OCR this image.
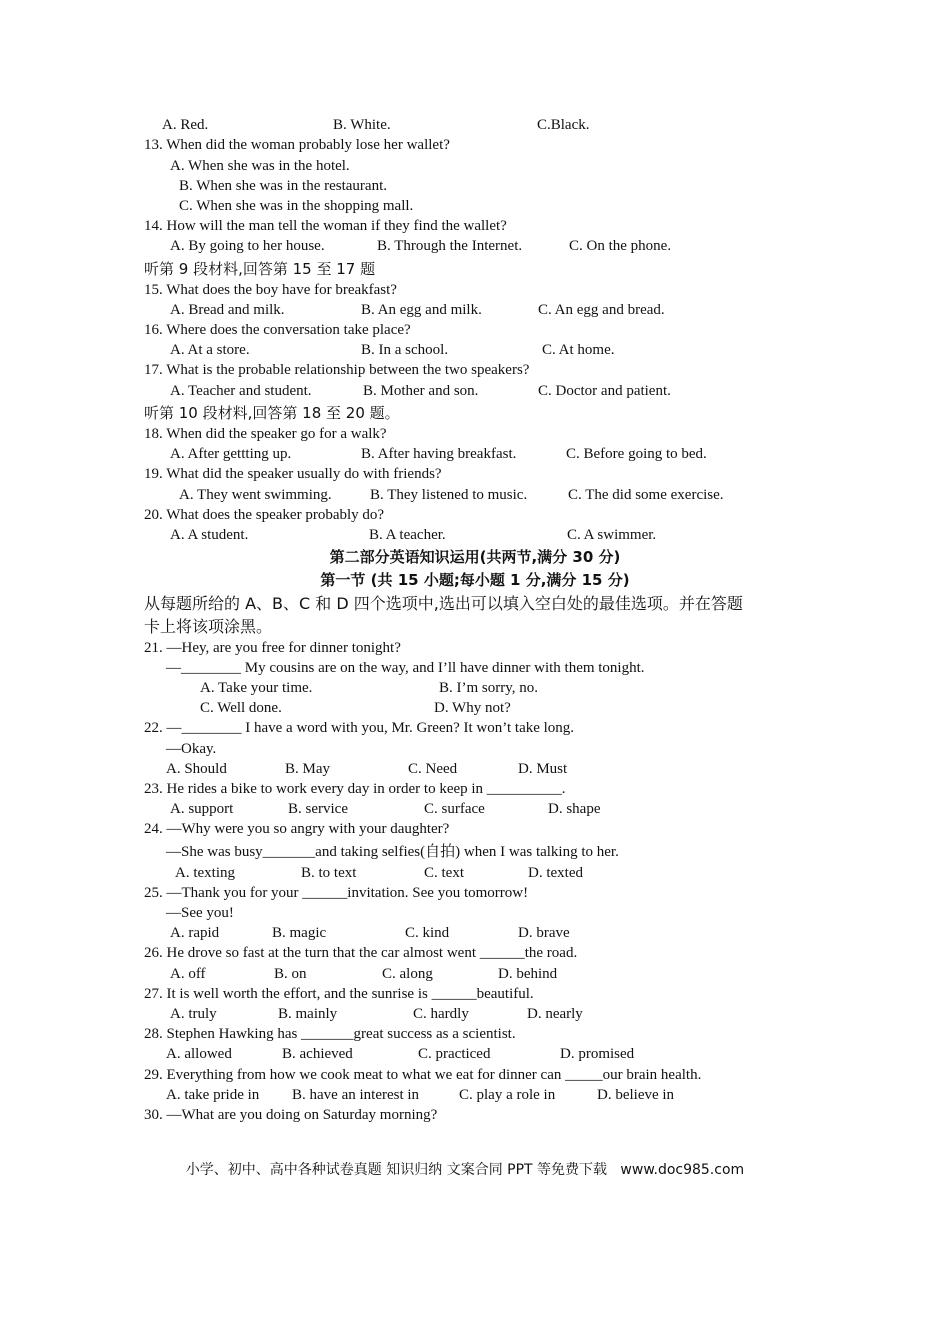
A. Red.	B. White.	C.Black.
13. When did the woman probably lose her wallet?
A. When she was in the hotel.
B. When she was in the restaurant.
C. When she was in the shopping mall.
14. How will the man tell the woman if they find the wallet?
A. By going to her house.	B. Through the Internet.	C. On the phone.
听第 9 段材料,回答第 15 至 17 题
15. What does the boy have for breakfast?
A. Bread and milk.	B. An egg and milk.	C. An egg and bread.
16. Where does the conversation take place?
A. At a store.	B. In a school.	C. At home.
17. What is the probable relationship between the two speakers?
A. Teacher and student.	B. Mother and son.	C. Doctor and patient.
听第 10 段材料,回答第 18 至 20 题。
18. When did the speaker go for a walk?
A. After gettting up.	B. After having breakfast.	C. Before going to bed.
19. What did the speaker usually do with friends?
A. They went swimming.	B. They listened to music.	C. The did some exercise.
20. What does the speaker probably do?
A. A student.	B. A teacher.	C. A swimmer.
第二部分英语知识运用(共两节,满分 30 分)
第一节 (共 15 小题;每小题 1 分,满分 15 分)
从每题所给的 A、B、C 和 D 四个选项中,选出可以填入空白处的最佳选项。并在答题
卡上将该项涂黑。
21. —Hey, are you free for dinner tonight?
—________ My cousins are on the way, and I’ll have dinner with them tonight.
A. Take your time.	B. I’m sorry, no.
C. Well done.	D. Why not?
22. —________ I have a word with you, Mr. Green? It won’t take long.
—Okay.
A. Should	B. May	C. Need	D. Must
23. He rides a bike to work every day in order to keep in __________.
A. support	B. service	C. surface	D. shape
24. —Why were you so angry with your daughter?
—She was busy_______and taking selfies(自拍) when I was talking to her.
A. texting	B. to text	C. text	D. texted
25. —Thank you for your ______invitation. See you tomorrow!
—See you!
A. rapid	B. magic	C. kind	D. brave
26. He drove so fast at the turn that the car almost went ______the road.
A. off	B. on	C. along	D. behind
27. It is well worth the effort, and the sunrise is ______beautiful.
A. truly	B. mainly	C. hardly	D. nearly
28. Stephen Hawking has _______great success as a scientist.
A. allowed	B. achieved	C. practiced	D. promised
29. Everything from how we cook meat to what we eat for dinner can _____our brain health.
A. take pride in B. have an interest in	C. play a role in	D. believe in
30. —What are you doing on Saturday morning?

小学、初中、高中各种试卷真题 知识归纳 文案合同 PPT 等免费下载 www.doc985.com
